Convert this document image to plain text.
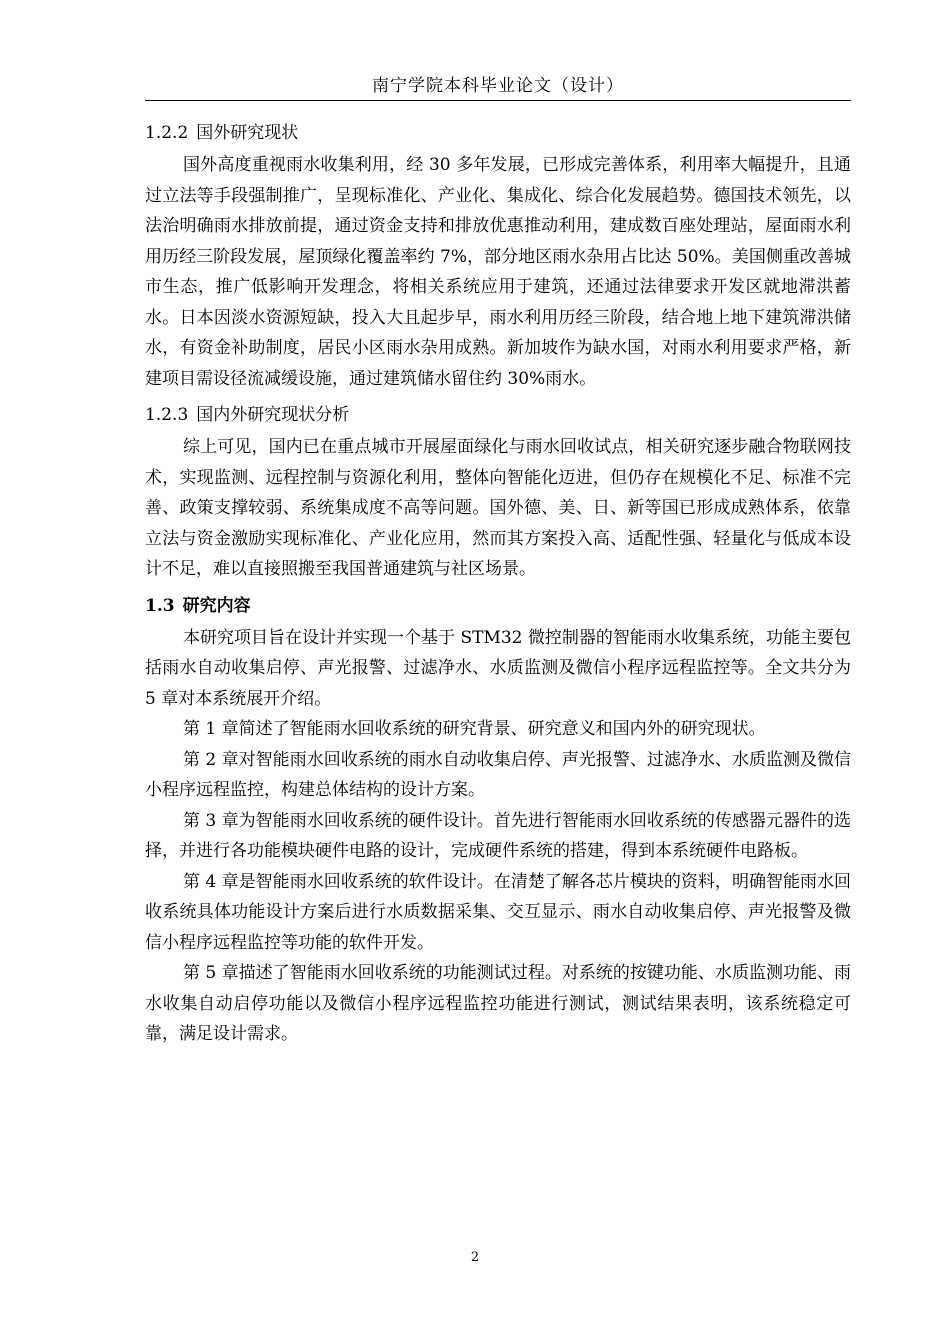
南宁学院本科毕业论文（设计）
1.2.2 国外研究现状

国外高度重视雨水收集利用，经 30 多年发展，已形成完善体系，利用率大幅提升，且通过立法等手段强制推广，呈现标准化、产业化、集成化、综合化发展趋势。德国技术领先，以法治明确雨水排放前提，通过资金支持和排放优惠推动利用，建成数百座处理站，屋面雨水利用历经三阶段发展，屋顶绿化覆盖率约 7%，部分地区雨水杂用占比达 50%。美国侧重改善城市生态，推广低影响开发理念，将相关系统应用于建筑，还通过法律要求开发区就地滞洪蓄水。日本因淡水资源短缺，投入大且起步早，雨水利用历经三阶段，结合地上地下建筑滞洪储水，有资金补助制度，居民小区雨水杂用成熟。新加坡作为缺水国，对雨水利用要求严格，新建项目需设径流减缓设施，通过建筑储水留住约 30%雨水。

1.2.3 国内外研究现状分析

综上可见，国内已在重点城市开展屋面绿化与雨水回收试点，相关研究逐步融合物联网技术，实现监测、远程控制与资源化利用，整体向智能化迈进，但仍存在规模化不足、标准不完善、政策支撑较弱、系统集成度不高等问题。国外德、美、日、新等国已形成成熟体系，依靠立法与资金激励实现标准化、产业化应用，然而其方案投入高、适配性强、轻量化与低成本设计不足，难以直接照搬至我国普通建筑与社区场景。

1.3 研究内容

本研究项目旨在设计并实现一个基于 STM32 微控制器的智能雨水收集系统，功能主要包括雨水自动收集启停、声光报警、过滤净水、水质监测及微信小程序远程监控等。全文共分为 5 章对本系统展开介绍。

第 1 章简述了智能雨水回收系统的研究背景、研究意义和国内外的研究现状。

第 2 章对智能雨水回收系统的雨水自动收集启停、声光报警、过滤净水、水质监测及微信小程序远程监控，构建总体结构的设计方案。

第 3 章为智能雨水回收系统的硬件设计。首先进行智能雨水回收系统的传感器元器件的选择，并进行各功能模块硬件电路的设计，完成硬件系统的搭建，得到本系统硬件电路板。

第 4 章是智能雨水回收系统的软件设计。在清楚了解各芯片模块的资料，明确智能雨水回收系统具体功能设计方案后进行水质数据采集、交互显示、雨水自动收集启停、声光报警及微信小程序远程监控等功能的软件开发。

第 5 章描述了智能雨水回收系统的功能测试过程。对系统的按键功能、水质监测功能、雨水收集自动启停功能以及微信小程序远程监控功能进行测试，测试结果表明，该系统稳定可靠，满足设计需求。

2
